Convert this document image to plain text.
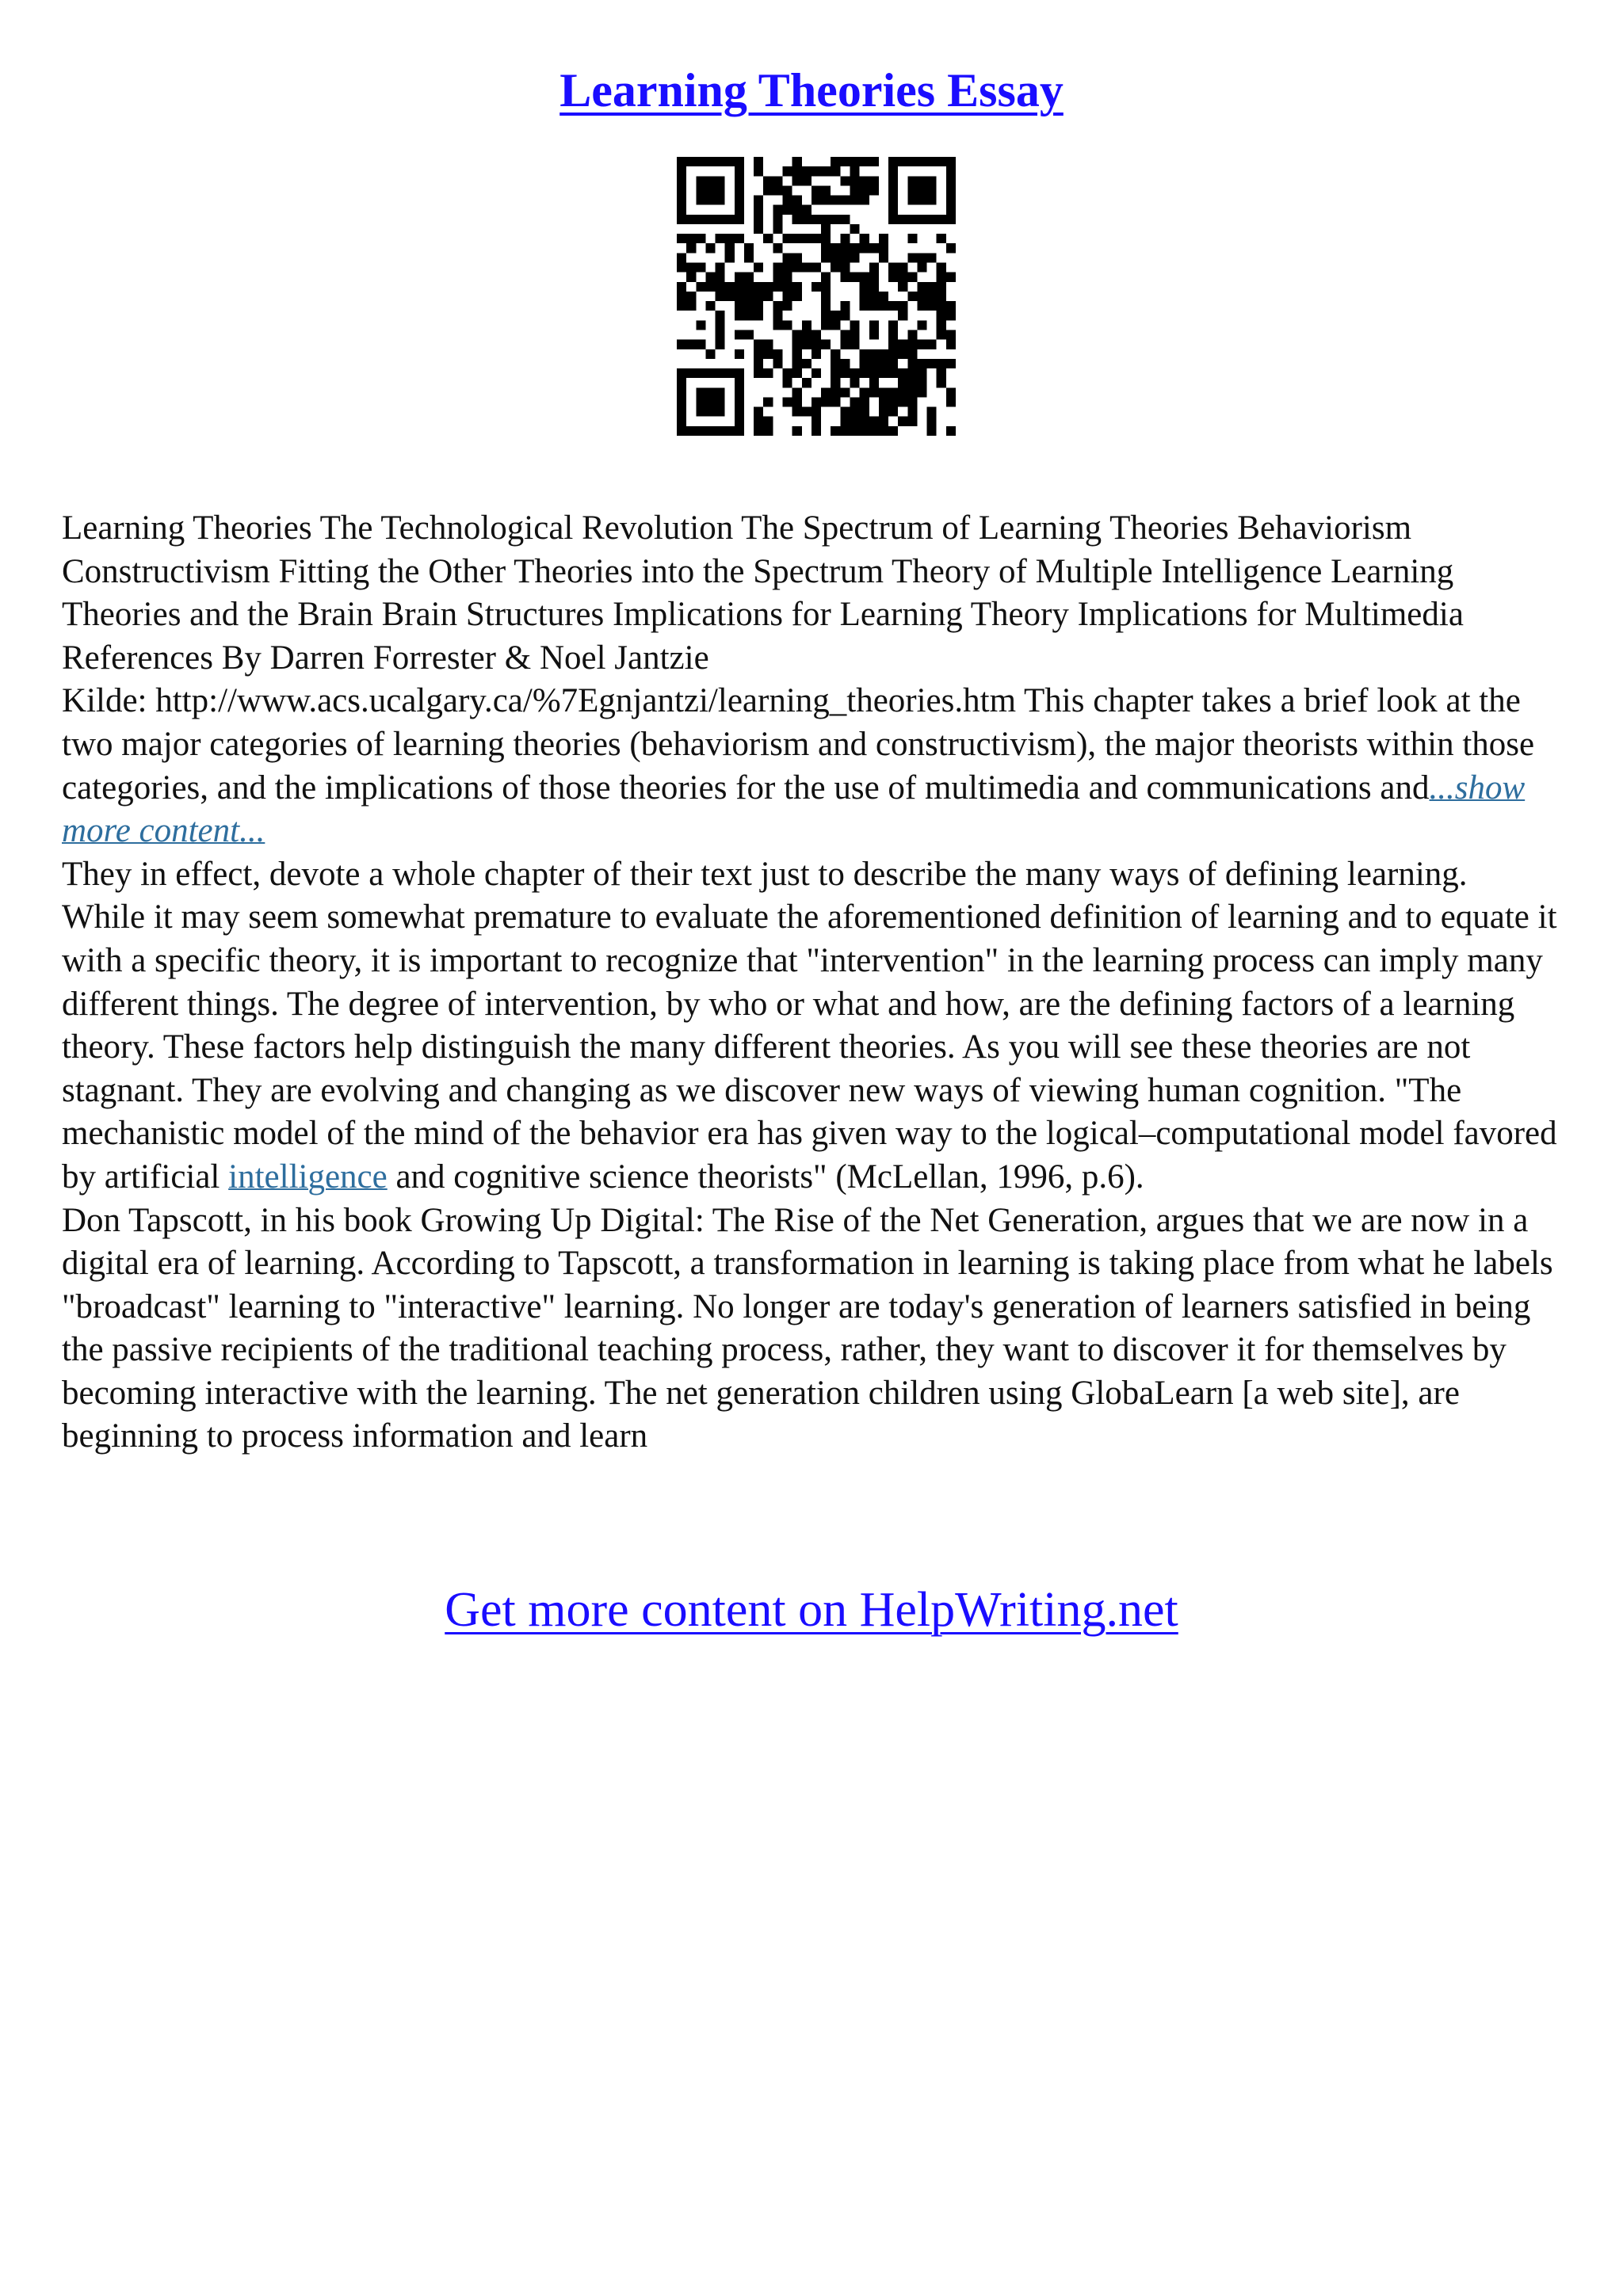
Learning Theories Essay

Learning Theories The Technological Revolution The Spectrum of Learning Theories Behaviorism Constructivism Fitting the Other Theories into the Spectrum Theory of Multiple Intelligence Learning Theories and the Brain Brain Structures Implications for Learning Theory Implications for Multimedia References By Darren Forrester & Noel Jantzie

Kilde: http://www.acs.ucalgary.ca/%7Egnjantzi/learning_theories.htm This chapter takes a brief look at the two major categories of learning theories (behaviorism and constructivism), the major theorists within those categories, and the implications of those theories for the use of multimedia and communications and...show more content...

They in effect, devote a whole chapter of their text just to describe the many ways of defining learning.

While it may seem somewhat premature to evaluate the aforementioned definition of learning and to equate it with a specific theory, it is important to recognize that "intervention" in the learning process can imply many different things. The degree of intervention, by who or what and how, are the defining factors of a learning theory. These factors help distinguish the many different theories. As you will see these theories are not stagnant. They are evolving and changing as we discover new ways of viewing human cognition. "The mechanistic model of the mind of the behavior era has given way to the logical–computational model favored by artificial intelligence and cognitive science theorists" (McLellan, 1996, p.6).

Don Tapscott, in his book Growing Up Digital: The Rise of the Net Generation, argues that we are now in a digital era of learning. According to Tapscott, a transformation in learning is taking place from what he labels "broadcast" learning to "interactive" learning. No longer are today's generation of learners satisfied in being the passive recipients of the traditional teaching process, rather, they want to discover it for themselves by becoming interactive with the learning. The net generation children using GlobaLearn [a web site], are beginning to process information and learn

Get more content on HelpWriting.net
